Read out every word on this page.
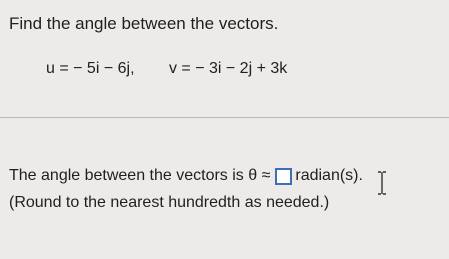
Find the angle between the vectors.
u = − 5i − 6j, v = − 3i − 2j + 3k
The angle between the vectors is θ ≈ radian(s).
(Round to the nearest hundredth as needed.)
